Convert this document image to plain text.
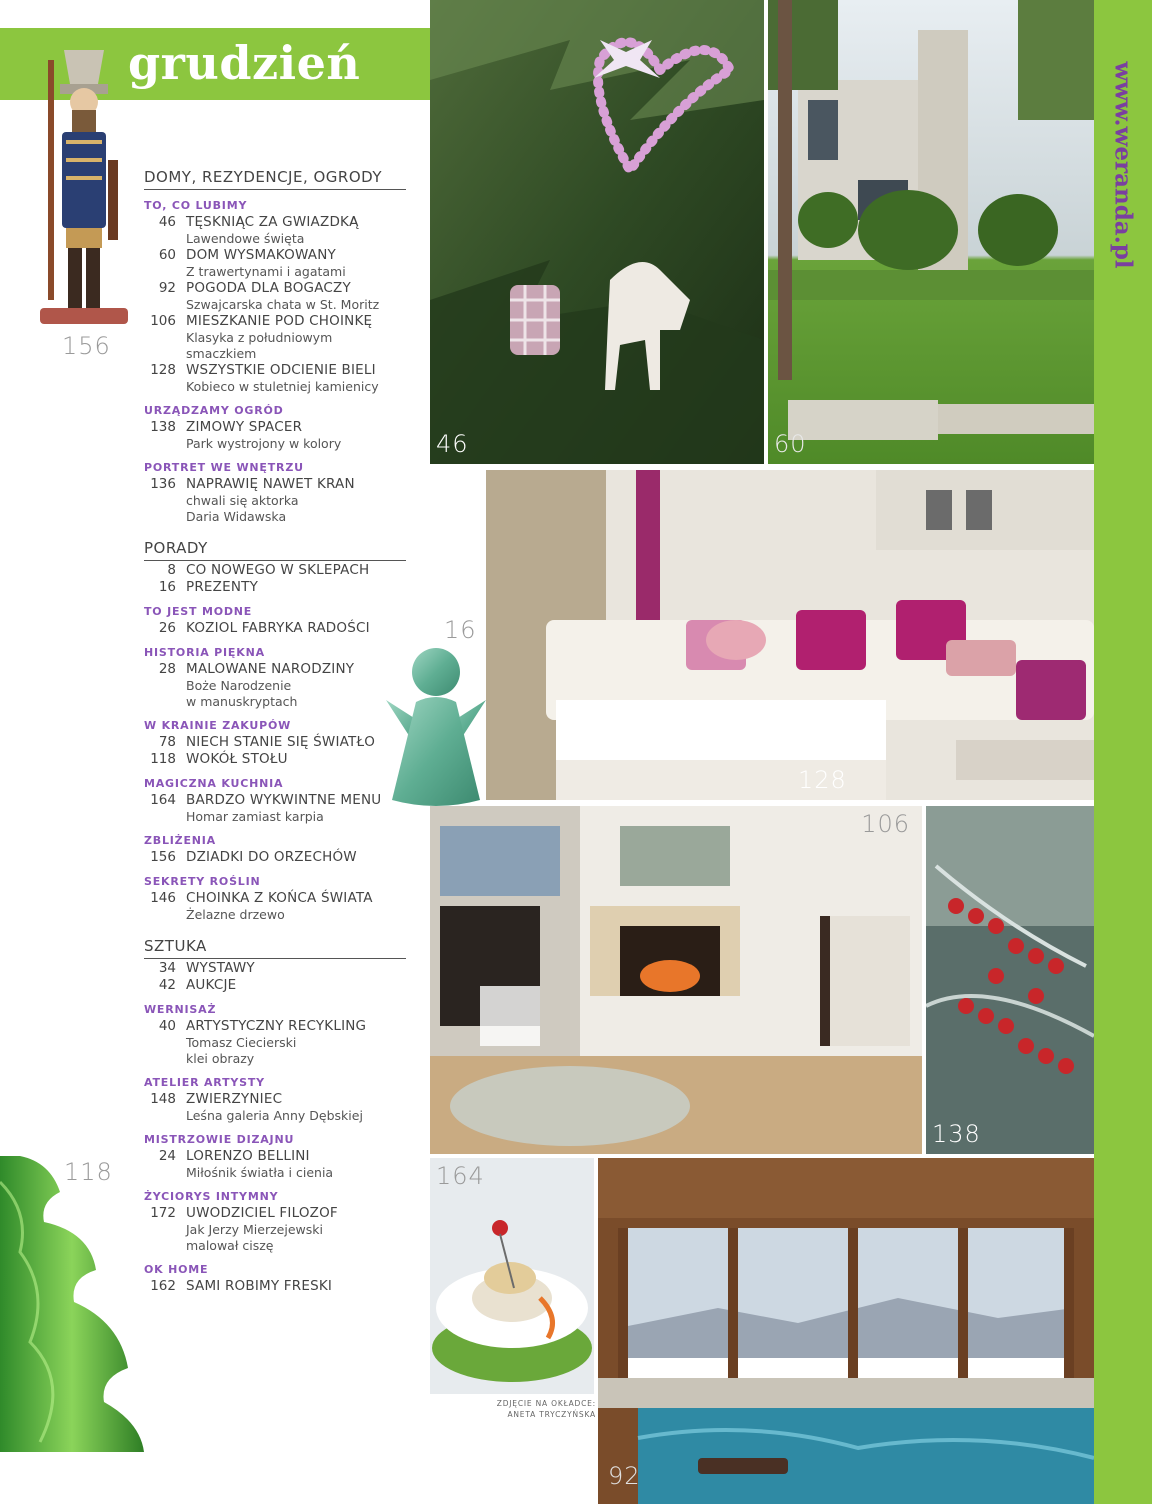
grudzień	www.weranda.pl
156
16
118
DOMY, REZYDENCJE, OGRODY
TO, CO LUBIMY
46 TĘSKNIĄC ZA GWIAZDKĄ
Lawendowe święta
60 DOM WYSMAKOWANY
Z trawertynami i agatami
92 POGODA DLA BOGACZY
Szwajcarska chata w St. Moritz
106 MIESZKANIE POD CHOINKĘ
Klasyka z południowym
smaczkiem
128 WSZYSTKIE ODCIENIE BIELI
Kobieco w stuletniej kamienicy
URZĄDZAMY OGRÓD
138 ZIMOWY SPACER
Park wystrojony w kolory
PORTRET WE WNĘTRZU
136 NAPRAWIĘ NAWET KRAN
chwali się aktorka
Daria Widawska
PORADY
8 CO NOWEGO W SKLEPACH
16 PREZENTY
TO JEST MODNE
26 KOZIOL FABRYKA RADOŚCI
HISTORIA PIĘKNA
28 MALOWANE NARODZINY
Boże Narodzenie
w manuskryptach
W KRAINIE ZAKUPÓW
78 NIECH STANIE SIĘ ŚWIATŁO
118 WOKÓŁ STOŁU
MAGICZNA KUCHNIA
164 BARDZO WYKWINTNE MENU
Homar zamiast karpia
ZBLIŻENIA
156 DZIADKI DO ORZECHÓW
SEKRETY ROŚLIN
146 CHOINKA Z KOŃCA ŚWIATA
Żelazne drzewo
SZTUKA
34 WYSTAWY
42 AUKCJE
WERNISAŻ
40 ARTYSTYCZNY RECYKLING
Tomasz Ciecierski
klei obrazy
ATELIER ARTYSTY
148 ZWIERZYNIEC
Leśna galeria Anny Dębskiej
MISTRZOWIE DIZAJNU
24 LORENZO BELLINI
Miłośnik światła i cienia
ŻYCIORYS INTYMNY
172 UWODZICIEL FILOZOF
Jak Jerzy Mierzejewski
malował ciszę
OK HOME
162 SAMI ROBIMY FRESKI
46	60
128
106
138
164
92
ZDJĘCIE NA OKŁADCE:
ANETA TRYCZYŃSKA
